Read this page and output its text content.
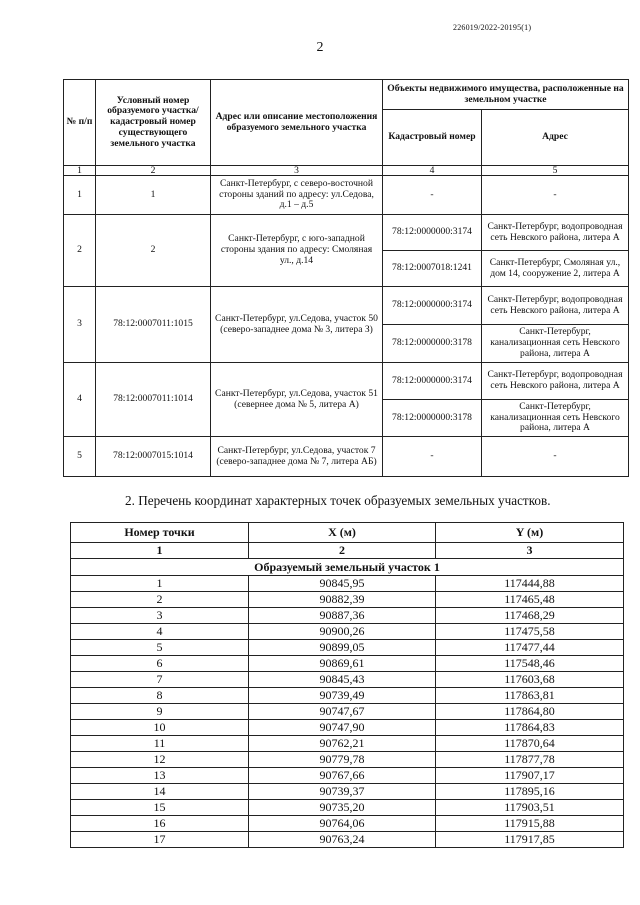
226019/2022-20195(1)
2
№ п/п	Условный номер образуемого участка/кадастровый номер существующего земельного участка	Адрес или описание местоположения образуемого земельного участка	Объекты недвижимого имущества, расположенные на земельном участке	
			Кадастровый номер	Адрес
1	2	3	4	5
1	1	Санкт-Петербург, с северо-восточной стороны зданий по адресу: ул.Седова, д.1 – д.5	-	-
2	2	Санкт-Петербург, с юго-западной стороны здания по адресу: Смоляная ул., д.14	78:12:0000000:3174	Санкт-Петербург, водопроводная сеть Невского района, литера А
			78:12:0007018:1241	Санкт-Петербург, Смоляная ул., дом 14, сооружение 2, литера А
3	78:12:0007011:1015	Санкт-Петербург, ул.Седова, участок 50 (северо-западнее дома № 3, литера З)	78:12:0000000:3174	Санкт-Петербург, водопроводная сеть Невского района, литера А
			78:12:0000000:3178	Санкт-Петербург, канализационная сеть Невского района, литера А
4	78:12:0007011:1014	Санкт-Петербург, ул.Седова, участок 51 (севернее дома № 5, литера А)	78:12:0000000:3174	Санкт-Петербург, водопроводная сеть Невского района, литера А
			78:12:0000000:3178	Санкт-Петербург, канализационная сеть Невского района, литера А
5	78:12:0007015:1014	Санкт-Петербург, ул.Седова, участок 7 (северо-западнее дома № 7, литера АБ)	-	-
2. Перечень координат характерных точек образуемых земельных участков.
Номер точки	X (м)	Y (м)
1	2	3
Образуемый земельный участок 1		
1	90845,95	117444,88
2	90882,39	117465,48
3	90887,36	117468,29
4	90900,26	117475,58
5	90899,05	117477,44
6	90869,61	117548,46
7	90845,43	117603,68
8	90739,49	117863,81
9	90747,67	117864,80
10	90747,90	117864,83
11	90762,21	117870,64
12	90779,78	117877,78
13	90767,66	117907,17
14	90739,37	117895,16
15	90735,20	117903,51
16	90764,06	117915,88
17	90763,24	117917,85
